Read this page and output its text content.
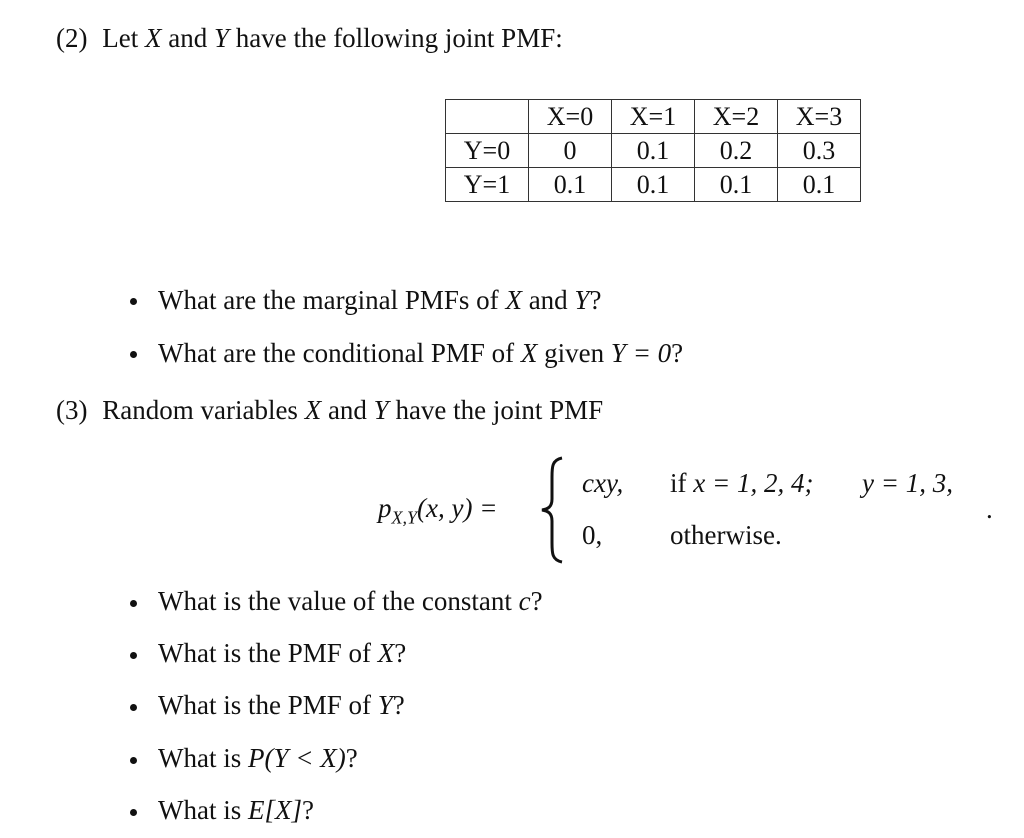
(2) Let X and Y have the following joint PMF:
	X=0	X=1	X=2	X=3
Y=0	0	0.1	0.2	0.3
Y=1	0.1	0.1	0.1	0.1
What are the marginal PMFs of X and Y?
What are the conditional PMF of X given Y = 0?
(3) Random variables X and Y have the joint PMF
$p_{X,Y}(x$, y) =
cxy, if x = 1, 2, 4; y = 1, 3,
0,	otherwise.
.
What is the value of the constant c?
What is the PMF of X?
What is the PMF of Y?
What is P(Y < X)?
What is E[X]?
